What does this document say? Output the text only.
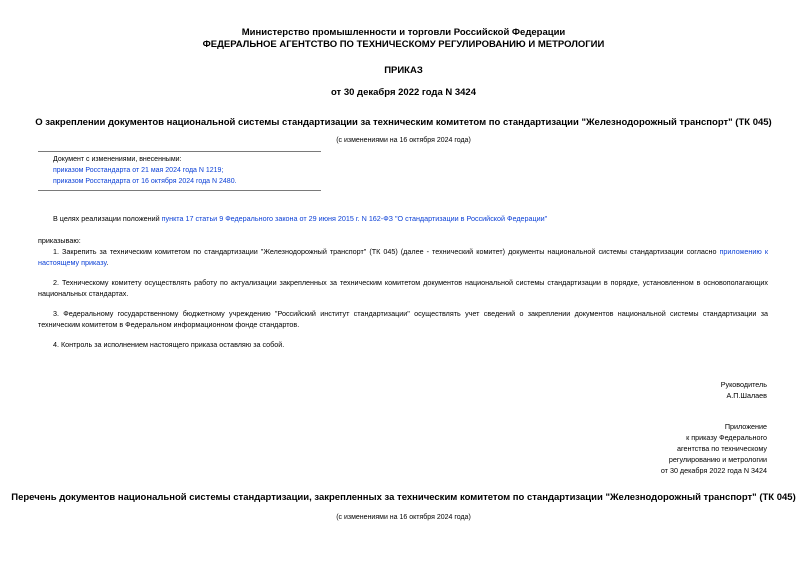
Министерство промышленности и торговли Российской Федерации
ФЕДЕРАЛЬНОЕ АГЕНТСТВО ПО ТЕХНИЧЕСКОМУ РЕГУЛИРОВАНИЮ И МЕТРОЛОГИИ
ПРИКАЗ
от 30 декабря 2022 года N 3424
О закреплении документов национальной системы стандартизации за техническим комитетом по стандартизации "Железнодорожный транспорт" (ТК 045)
(с изменениями на 16 октября 2024 года)
Документ с изменениями, внесенными:
приказом Росстандарта от 21 мая 2024 года N 1219;
приказом Росстандарта от 16 октября 2024 года N 2480.
В целях реализации положений пункта 17 статьи 9 Федерального закона от 29 июня 2015 г. N 162-ФЗ "О стандартизации в Российской Федерации"
приказываю:
1. Закрепить за техническим комитетом по стандартизации "Железнодорожный транспорт" (ТК 045) (далее - технический комитет) документы национальной системы стандартизации согласно приложению к настоящему приказу.
2. Техническому комитету осуществлять работу по актуализации закрепленных за техническим комитетом документов национальной системы стандартизации в порядке, установленном в основополагающих национальных стандартах.
3. Федеральному государственному бюджетному учреждению "Российский институт стандартизации" осуществлять учет сведений о закреплении документов национальной системы стандартизации за техническим комитетом в Федеральном информационном фонде стандартов.
4. Контроль за исполнением настоящего приказа оставляю за собой.
Руководитель
А.П.Шалаев
Приложение
к приказу Федерального
агентства по техническому
регулированию и метрологии
от 30 декабря 2022 года N 3424
Перечень документов национальной системы стандартизации, закрепленных за техническим комитетом по стандартизации "Железнодорожный транспорт" (ТК 045)
(с изменениями на 16 октября 2024 года)
